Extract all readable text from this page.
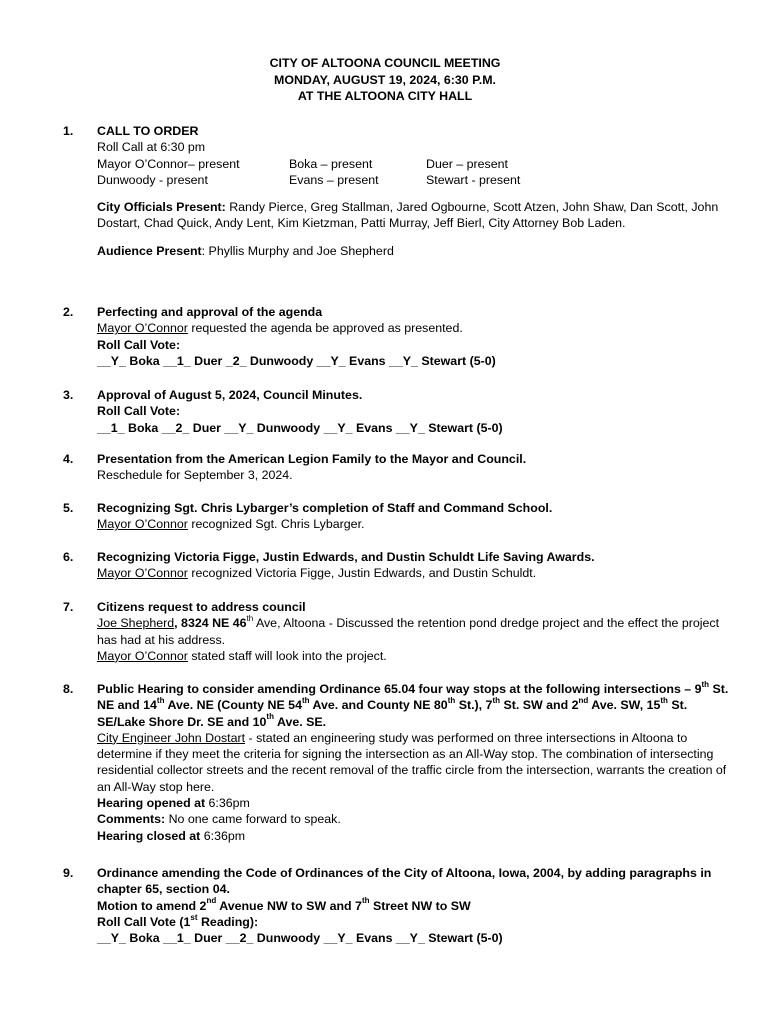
CITY OF ALTOONA COUNCIL MEETING
MONDAY, AUGUST 19, 2024, 6:30 P.M.
AT THE ALTOONA CITY HALL
1. CALL TO ORDER
Roll Call at 6:30 pm
Mayor O’Connor– present	Boka – present	Duer – present
Dunwoody - present	Evans – present	Stewart - present
City Officials Present: Randy Pierce, Greg Stallman, Jared Ogbourne, Scott Atzen, John Shaw, Dan Scott, John Dostart, Chad Quick, Andy Lent, Kim Kietzman, Patti Murray, Jeff Bierl, City Attorney Bob Laden.
Audience Present: Phyllis Murphy and Joe Shepherd
2. Perfecting and approval of the agenda
Mayor O’Connor requested the agenda be approved as presented.
Roll Call Vote:
__Y_ Boka __1_ Duer _2_ Dunwoody __Y_ Evans __Y_ Stewart (5-0)
3. Approval of August 5, 2024, Council Minutes.
Roll Call Vote:
__1_ Boka __2_ Duer __Y_ Dunwoody __Y_ Evans __Y_ Stewart (5-0)
4. Presentation from the American Legion Family to the Mayor and Council.
Reschedule for September 3, 2024.
5. Recognizing Sgt. Chris Lybarger’s completion of Staff and Command School.
Mayor O’Connor recognized Sgt. Chris Lybarger.
6. Recognizing Victoria Figge, Justin Edwards, and Dustin Schuldt Life Saving Awards.
Mayor O’Connor recognized Victoria Figge, Justin Edwards, and Dustin Schuldt.
7. Citizens request to address council
Joe Shepherd, 8324 NE 46th Ave, Altoona - Discussed the retention pond dredge project and the effect the project has had at his address.
Mayor O’Connor stated staff will look into the project.
8. Public Hearing to consider amending Ordinance 65.04 four way stops at the following intersections – 9th St. NE and 14th Ave. NE (County NE 54th Ave. and County NE 80th St.), 7th St. SW and 2nd Ave. SW, 15th St. SE/Lake Shore Dr. SE and 10th Ave. SE.
City Engineer John Dostart - stated an engineering study was performed on three intersections in Altoona to determine if they meet the criteria for signing the intersection as an All-Way stop. The combination of intersecting residential collector streets and the recent removal of the traffic circle from the intersection, warrants the creation of an All-Way stop here.
Hearing opened at 6:36pm
Comments: No one came forward to speak.
Hearing closed at 6:36pm
9. Ordinance amending the Code of Ordinances of the City of Altoona, Iowa, 2004, by adding paragraphs in chapter 65, section 04.
Motion to amend 2nd Avenue NW to SW and 7th Street NW to SW
Roll Call Vote (1st Reading):
__Y_ Boka __1_ Duer __2_ Dunwoody __Y_ Evans __Y_ Stewart (5-0)
